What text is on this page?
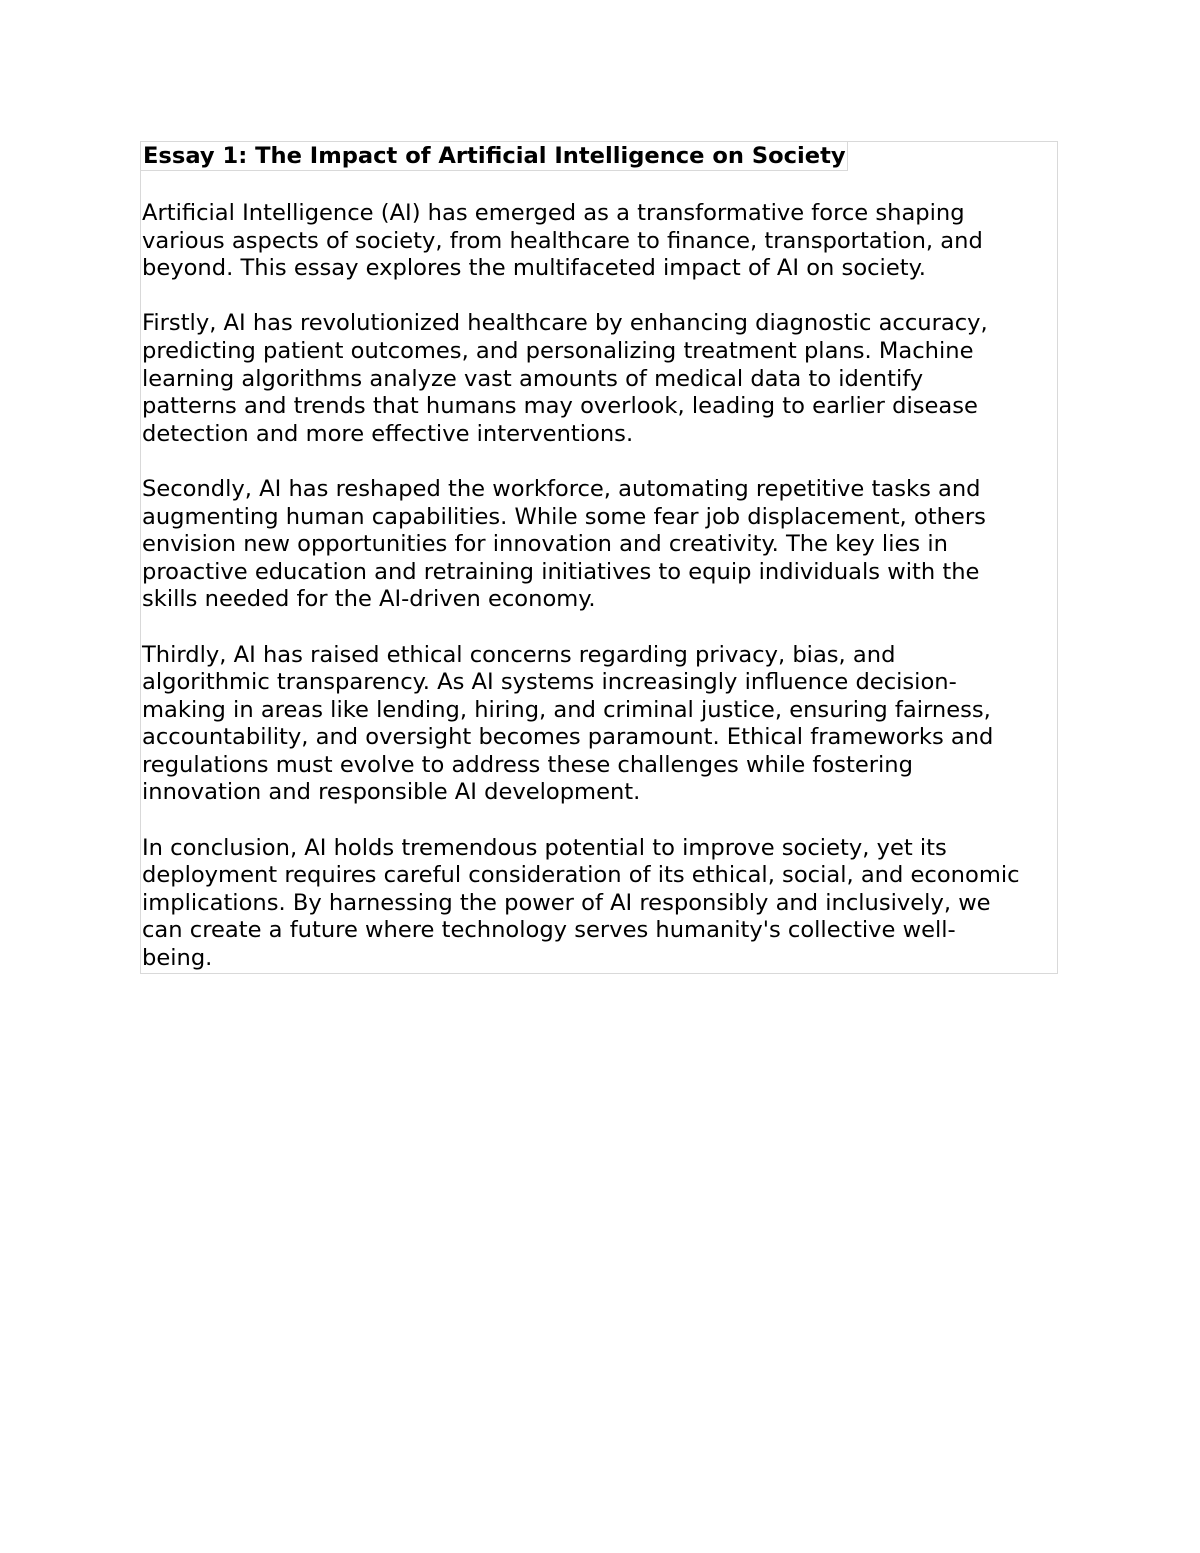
Essay 1: The Impact of Artificial Intelligence on Society
Artificial Intelligence (AI) has emerged as a transformative force shaping
various aspects of society, from healthcare to finance, transportation, and
beyond. This essay explores the multifaceted impact of AI on society.
Firstly, AI has revolutionized healthcare by enhancing diagnostic accuracy,
predicting patient outcomes, and personalizing treatment plans. Machine
learning algorithms analyze vast amounts of medical data to identify
patterns and trends that humans may overlook, leading to earlier disease
detection and more effective interventions.
Secondly, AI has reshaped the workforce, automating repetitive tasks and
augmenting human capabilities. While some fear job displacement, others
envision new opportunities for innovation and creativity. The key lies in
proactive education and retraining initiatives to equip individuals with the
skills needed for the AI-driven economy.
Thirdly, AI has raised ethical concerns regarding privacy, bias, and
algorithmic transparency. As AI systems increasingly influence decision-
making in areas like lending, hiring, and criminal justice, ensuring fairness,
accountability, and oversight becomes paramount. Ethical frameworks and
regulations must evolve to address these challenges while fostering
innovation and responsible AI development.
In conclusion, AI holds tremendous potential to improve society, yet its
deployment requires careful consideration of its ethical, social, and economic
implications. By harnessing the power of AI responsibly and inclusively, we
can create a future where technology serves humanity's collective well-
being.
